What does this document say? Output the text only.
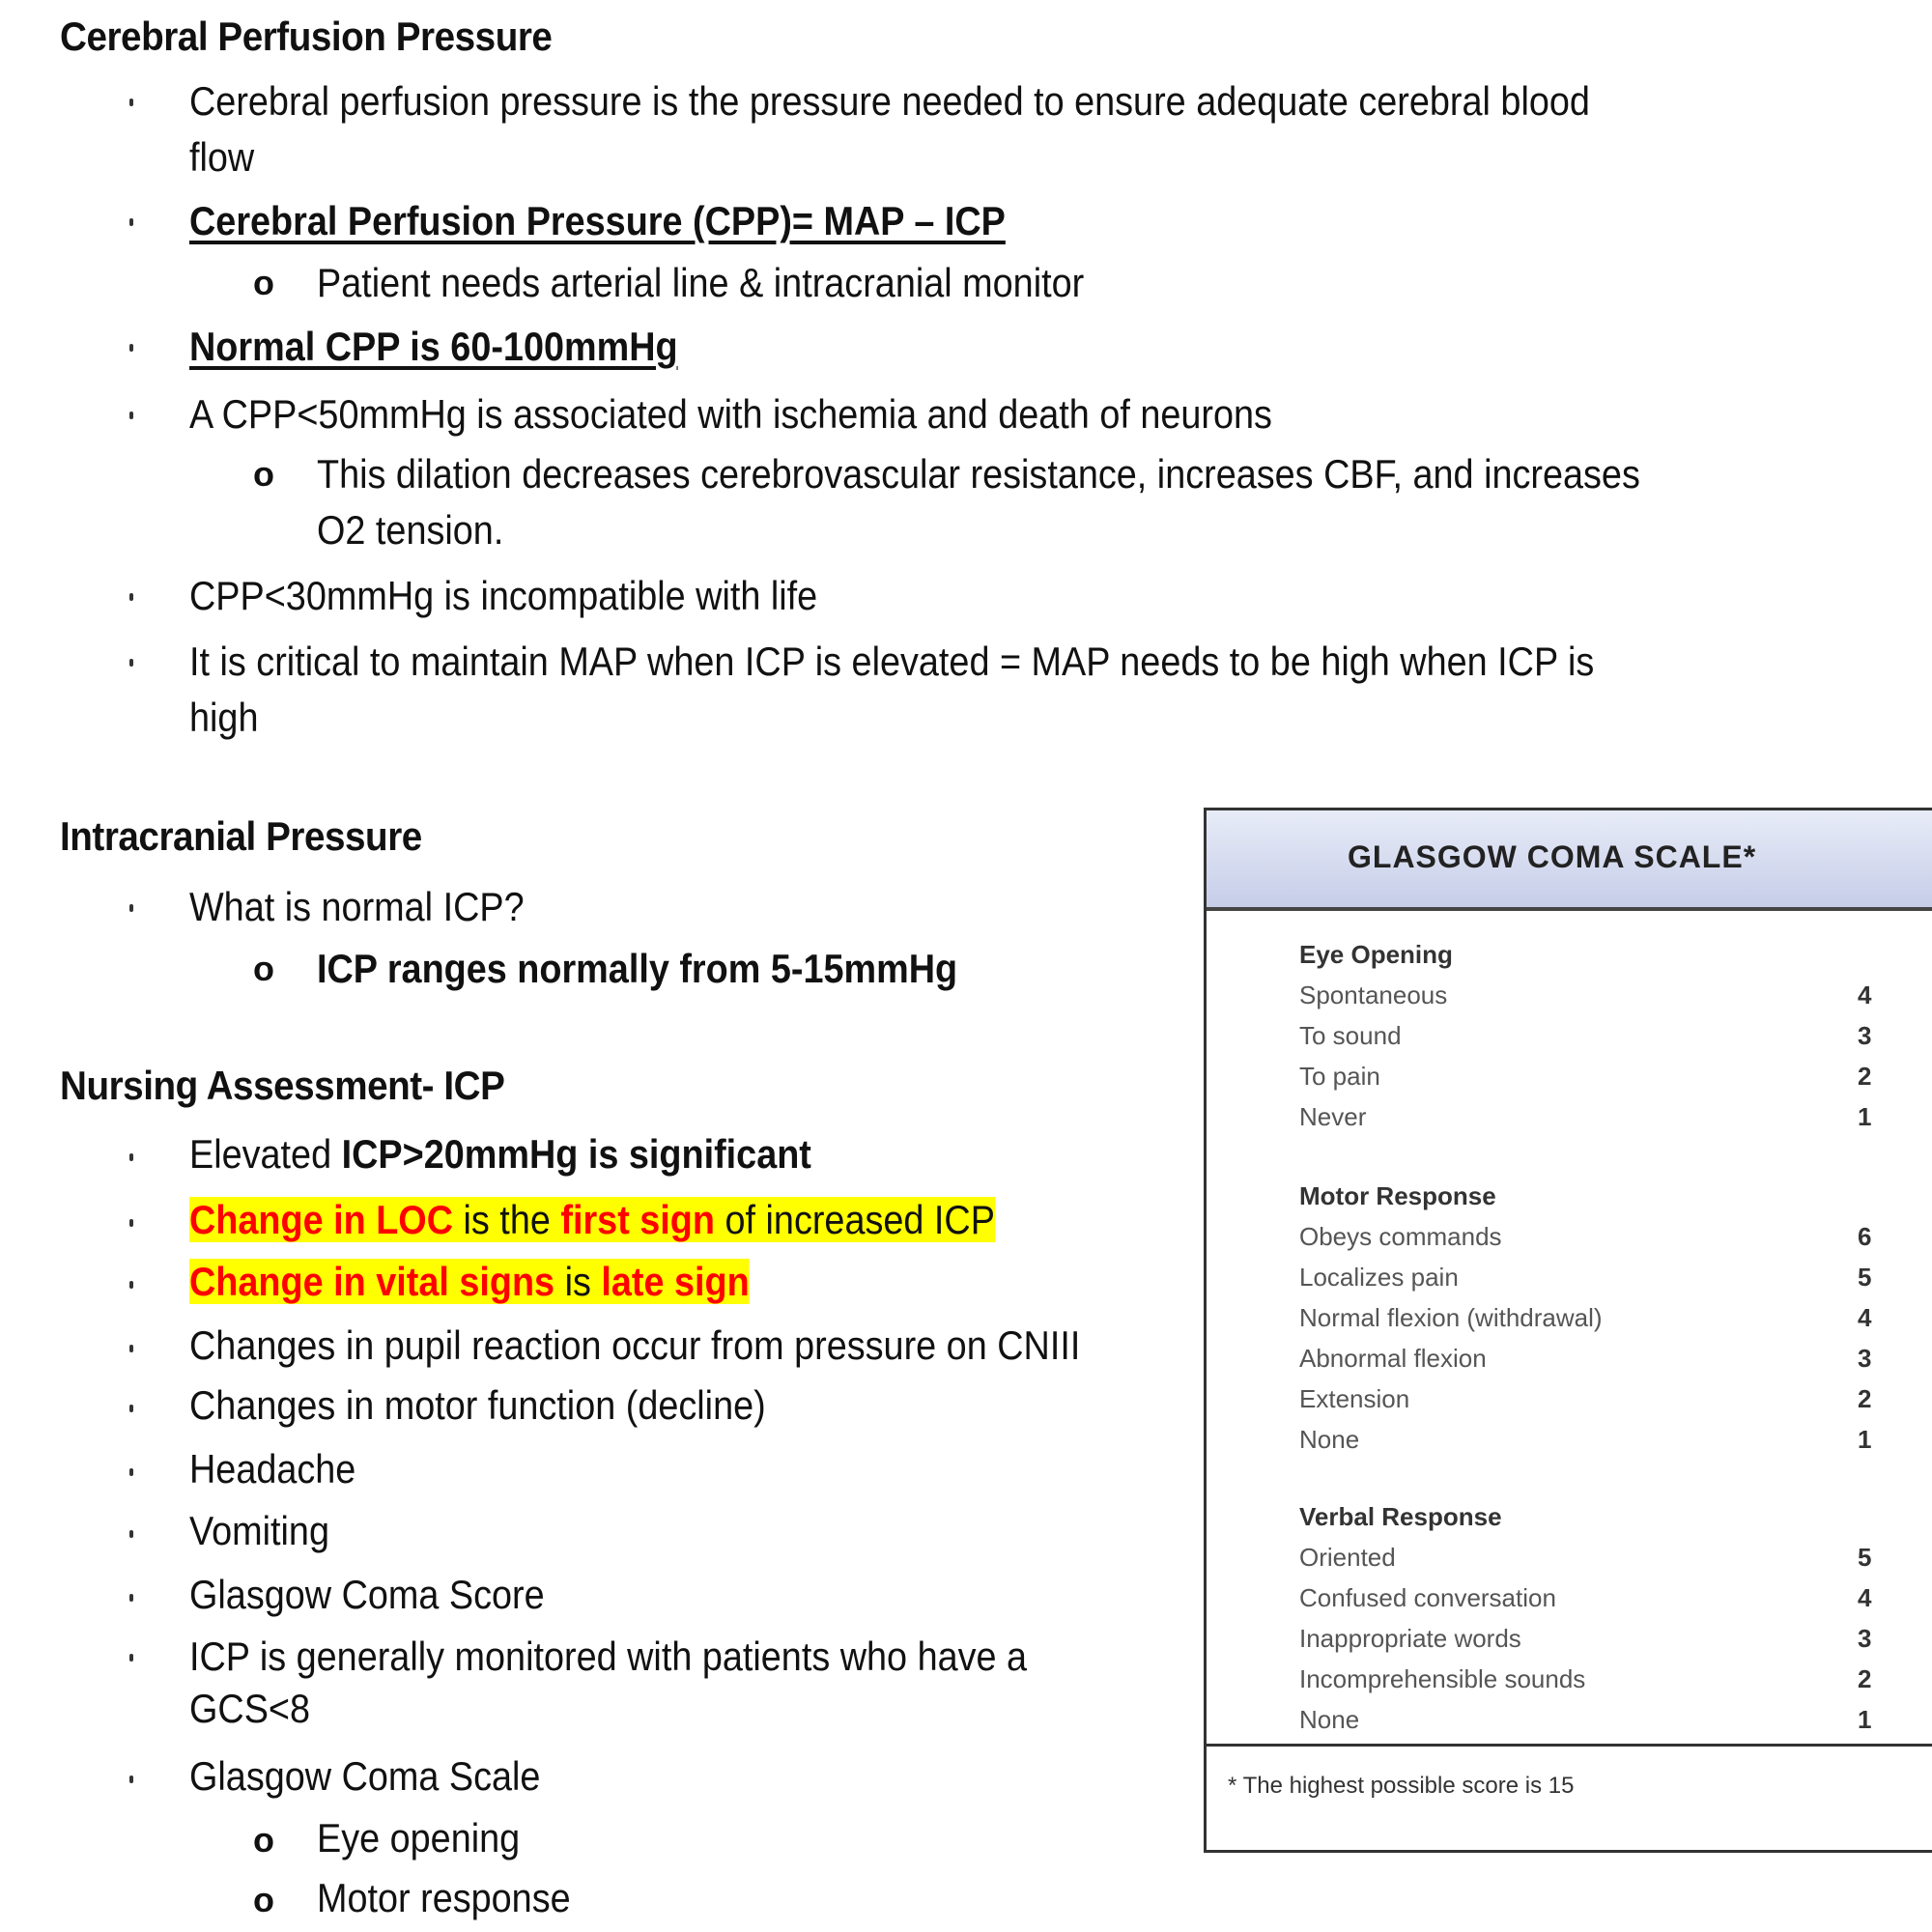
Cerebral Perfusion Pressure
Cerebral perfusion pressure is the pressure needed to ensure adequate cerebral blood
flow
Cerebral Perfusion Pressure (CPP)= MAP – ICP
o Patient needs arterial line & intracranial monitor
Normal CPP is 60-100mmHg
A CPP<50mmHg is associated with ischemia and death of neurons
o This dilation decreases cerebrovascular resistance, increases CBF, and increases
O2 tension.
CPP<30mmHg is incompatible with life
It is critical to maintain MAP when ICP is elevated = MAP needs to be high when ICP is
high
Intracranial Pressure
What is normal ICP?
o ICP ranges normally from 5-15mmHg
Nursing Assessment- ICP
Elevated ICP>20mmHg is significant
Change in LOC is the first sign of increased ICP
Change in vital signs is late sign
Changes in pupil reaction occur from pressure on CNIII
Changes in motor function (decline)
Headache
Vomiting
Glasgow Coma Score
ICP is generally monitored with patients who have a
GCS<8
Glasgow Coma Scale
o Eye opening
o Motor response
GLASGOW COMA SCALE*
Eye Opening
Spontaneous	4
To sound	3
To pain	2
Never	1
Motor Response
Obeys commands	6
Localizes pain	5
Normal flexion (withdrawal)	4
Abnormal flexion	3
Extension	2
None	1
Verbal Response
Oriented	5
Confused conversation	4
Inappropriate words	3
Incomprehensible sounds	2
None	1
* The highest possible score is 15
